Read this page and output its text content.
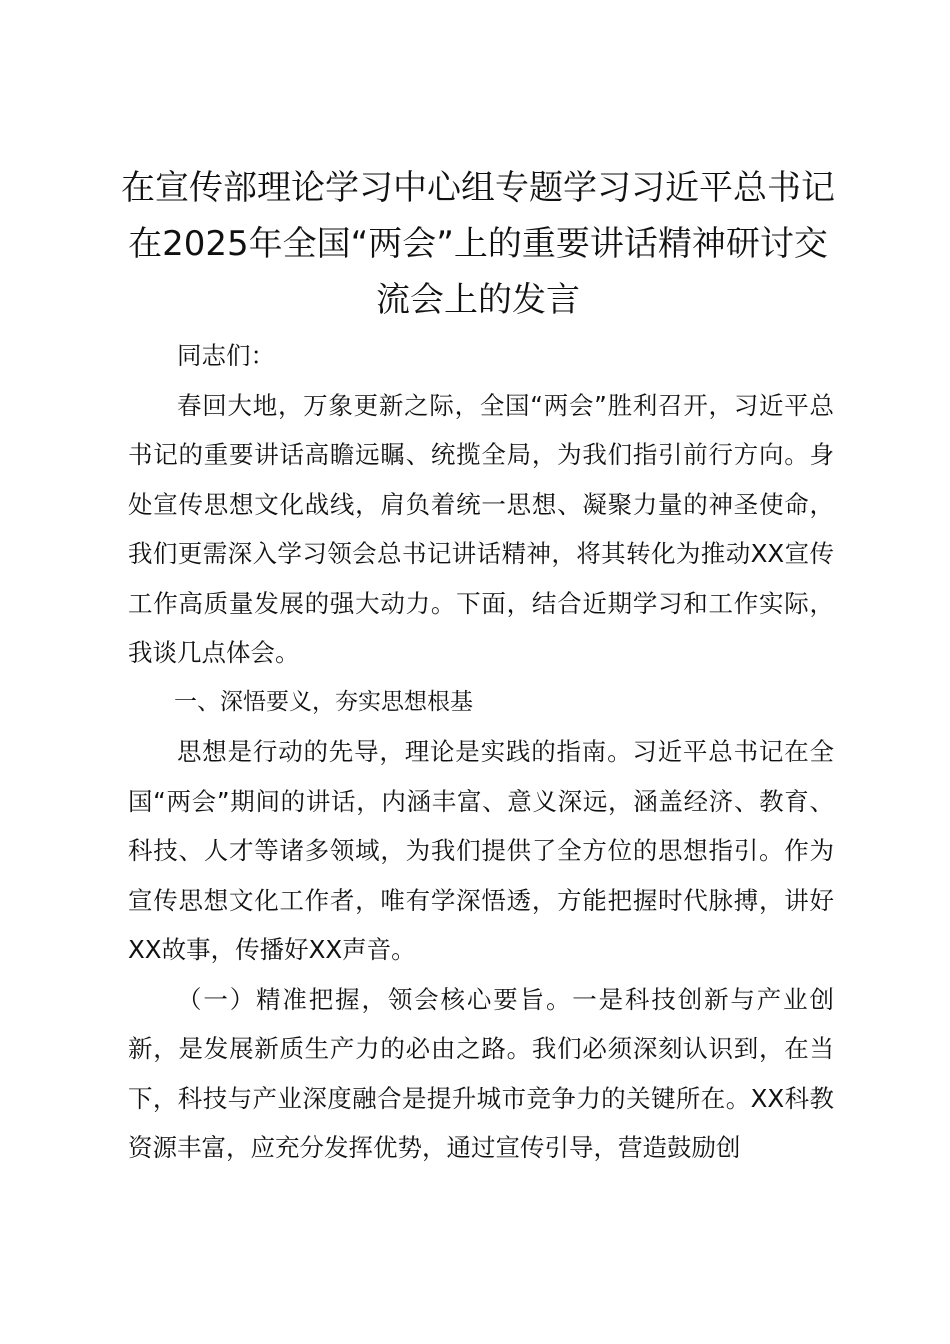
在宣传部理论学习中心组专题学习习近平总书记在2025年全国“两会”上的重要讲话精神研讨交流会上的发言

同志们：

春回大地，万象更新之际，全国“两会”胜利召开，习近平总书记的重要讲话高瞻远瞩、统揽全局，为我们指引前行方向。身处宣传思想文化战线，肩负着统一思想、凝聚力量的神圣使命，我们更需深入学习领会总书记讲话精神，将其转化为推动XX宣传工作高质量发展的强大动力。下面，结合近期学习和工作实际，我谈几点体会。

一、深悟要义，夯实思想根基

思想是行动的先导，理论是实践的指南。习近平总书记在全国“两会”期间的讲话，内涵丰富、意义深远，涵盖经济、教育、科技、人才等诸多领域，为我们提供了全方位的思想指引。作为宣传思想文化工作者，唯有学深悟透，方能把握时代脉搏，讲好XX故事，传播好XX声音。

（一）精准把握，领会核心要旨。一是科技创新与产业创新，是发展新质生产力的必由之路。我们必须深刻认识到，在当下，科技与产业深度融合是提升城市竞争力的关键所在。XX科教资源丰富，应充分发挥优势，通过宣传引导，营造鼓励创
